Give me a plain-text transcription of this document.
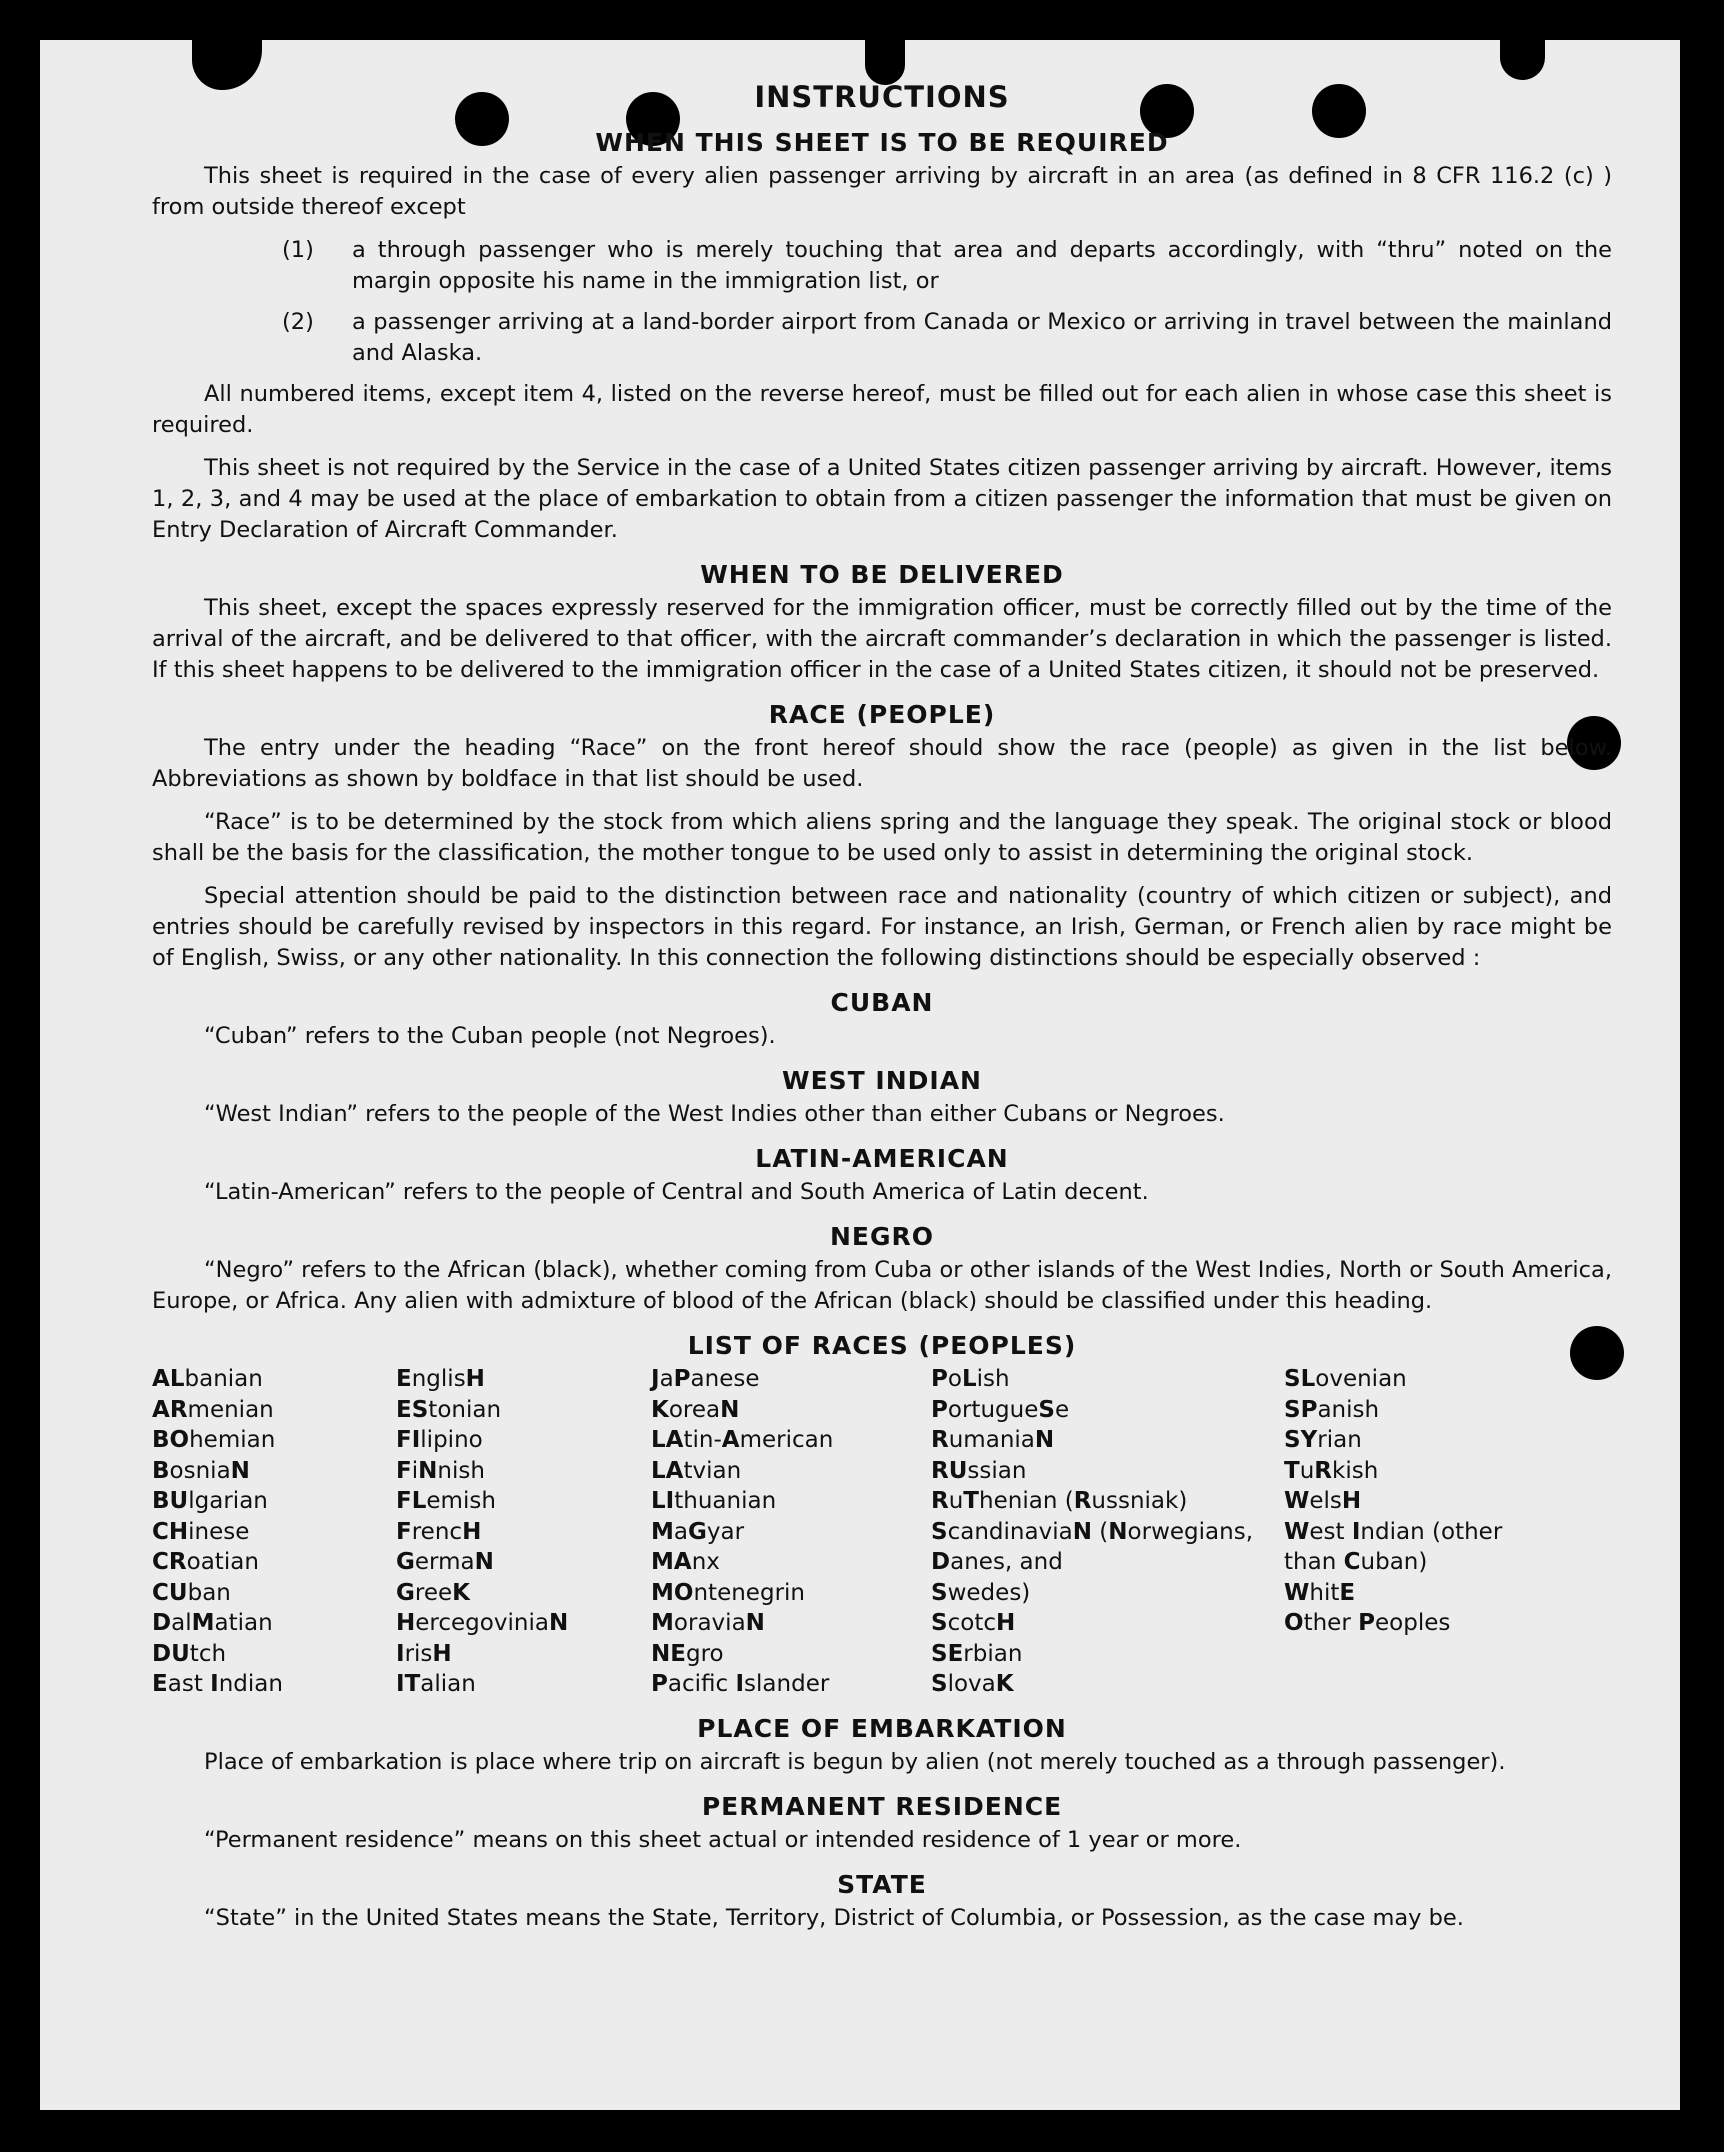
INSTRUCTIONS
WHEN THIS SHEET IS TO BE REQUIRED

This sheet is required in the case of every alien passenger arriving by aircraft in an area (as defined in 8 CFR 116.2 (c) ) from outside thereof except

(1)	a through passenger who is merely touching that area and departs accordingly, with “thru” noted on the margin opposite his name in the immigration list, or
(2)	a passenger arriving at a land-border airport from Canada or Mexico or arriving in travel between the mainland and Alaska.

All numbered items, except item 4, listed on the reverse hereof, must be filled out for each alien in whose case this sheet is required.

This sheet is not required by the Service in the case of a United States citizen passenger arriving by aircraft. However, items 1, 2, 3, and 4 may be used at the place of embarkation to obtain from a citizen passenger the information that must be given on Entry Declaration of Aircraft Commander.

WHEN TO BE DELIVERED

This sheet, except the spaces expressly reserved for the immigration officer, must be correctly filled out by the time of the arrival of the aircraft, and be delivered to that officer, with the aircraft commander’s declaration in which the passenger is listed. If this sheet happens to be delivered to the immigration officer in the case of a United States citizen, it should not be preserved.

RACE (PEOPLE)

The entry under the heading “Race” on the front hereof should show the race (people) as given in the list below. Abbreviations as shown by boldface in that list should be used.

“Race” is to be determined by the stock from which aliens spring and the language they speak. The original stock or blood shall be the basis for the classification, the mother tongue to be used only to assist in determining the original stock.

Special attention should be paid to the distinction between race and nationality (country of which citizen or subject), and entries should be carefully revised by inspectors in this regard. For instance, an Irish, German, or French alien by race might be of English, Swiss, or any other nationality. In this connection the following distinctions should be especially observed :

CUBAN

“Cuban” refers to the Cuban people (not Negroes).

WEST INDIAN

“West Indian” refers to the people of the West Indies other than either Cubans or Negroes.

LATIN-AMERICAN

“Latin-American” refers to the people of Central and South America of Latin decent.

NEGRO

“Negro” refers to the African (black), whether coming from Cuba or other islands of the West Indies, North or South America, Europe, or Africa. Any alien with admixture of blood of the African (black) should be classified under this heading.

LIST OF RACES (PEOPLES)
ALbanian
ARmenian
BOhemian
BosniaN
BUlgarian
CHinese
CRoatian
CUban
DalMatian
DUtch
East Indian
EnglisH
EStonian
FIlipino
FiNnish
FLemish
FrencH
GermaN
GreeK
HercegoviniaN
IrisH
ITalian
JaPanese
KoreaN
LAtin-American
LAtvian
LIthuanian
MaGyar
MAnx
MOntenegrin
MoraviaN
NEgro
Pacifc Islander
PoLish
PortugueSe
RumaniaN
RUssian
RuThenian (Russniak)
ScandinaviaN (Norwegians,
Danes, and
Swedes)
ScotcH
SErbian
SlovaK
SLovenian
SPanish
SYrian
TuRkish
WelsH
West Indian (other
than Cuban)
WhitE
Other Peoples
PLACE OF EMBARKATION

Place of embarkation is place where trip on aircraft is begun by alien (not merely touched as a through passenger).

PERMANENT RESIDENCE

“Permanent residence” means on this sheet actual or intended residence of 1 year or more.

STATE

“State” in the United States means the State, Territory, District of Columbia, or Possession, as the case may be.
